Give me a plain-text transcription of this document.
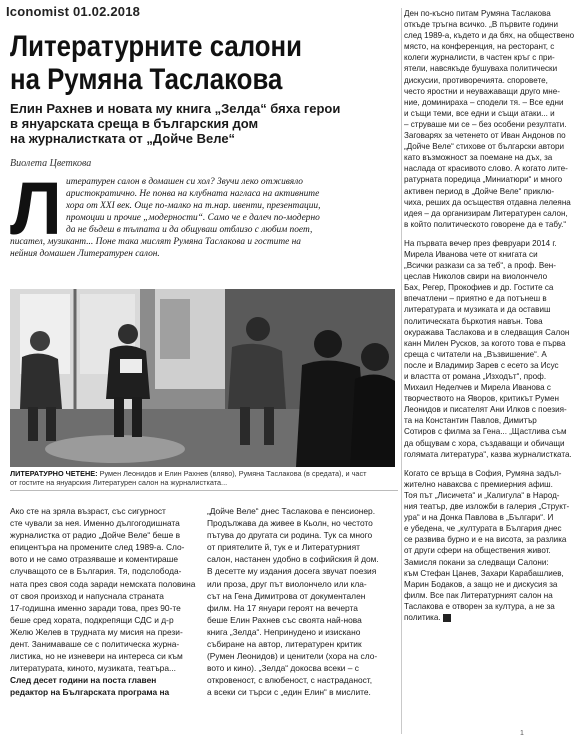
Icono​mist 01.02.2018
Литературните салони
на Румяна Таслакова
Елин Рахнев и новата му книга „Зелда“ бяха герои
в януарската среща в българския дом
на журналистката от „Дойче Веле“
Виолета Цветкова
Л итературен салон в домашен си хол? Звучи леко отживяло
аристократично. Не понва на клубната нагласа на активните
хора от XXI век. Още по-малко на т.нар. ивенти, презентации,
промоции и прочие „модерности“. Само че е далеч по-модерно
да не бъдеш в тълпата и да общуваш отблизо с любим поет,
писател, музикант... Поне така мислят Румяна Таслакова и гостите на
нейния домашен Литературен салон.
ЛИТЕРАТУРНО ЧЕТЕНЕ: Румен Леонидов и Елин Рахнев (вляво), Румяна Таслакова (в средата), и част
от гостите на януарския Литературен салон на журналистката...
Ако сте на зряла възраст, със сигурност
сте чували за нея. Именно дългогодишната
журналистка от радио „Дойче Веле“ беше в
епицентъра на промените след 1989-а. Сло-
вото и не само отразяваше и коментираше
случващото се в България. Тя, подслобода-
ната през своя сода заради немската половина
от своя произход и напуснала страната
17-годишна именно заради това, през 90-те
беше сред хората, подкрепящи СДС и д-р
Желю Желев в трудната му мисия на прези-
дент. Занимаваше се с политическа журна-
листика, но не изневери на интереса си към
литературата, киното, музиката, театъра...
След десет години на поста главен
редактор на Българската програма на
„Дойче Веле“ днес Таслакова е пенсионер.
Продължава да живее в Кьолн, но честото
пътува до другата си родина. Тук са много
от приятелите й, тук е и Литературният
салон, настанен удобно в софийския й дом.
В десетте му издания досега звучат поезия
или проза, друг път виолончело или кла-
сът на Гена Димитрова от документален
филм. На 17 януари героят на вечерта
беше Елин Рахнев със своята най-нова
книга „Зелда“. Непринудено и изискано
събиране на автор, литературен критик
(Румен Леонидов) и ценители (хора на сло-
вото и кино). „Зелда“ докосва всеки – с
откровеност, с влюбеност, с настраданост,
а всеки си търси с „един Елин“ в мислите.
Ден по-късно питам Румяна Таслакова
откъде тръгна всичко. „В първите години
след 1989-а, където и да бях, на обществено
място, на конференция, на ресторант, с
колеги журналисти, в частен кръг с при-
ятели, навсякъде бушуваха политически
дискусии, противоречията. споровете,
често яростни и неуважаващи друго мне-
ние, доминираха – сподели тя. – Все едни
и същи теми, все едни и същи атаки... и
– струваше ми се – без особени резултати.
Заговарях за четенето от Иван Андонов по
„Дойче Веле“ стихове от български автори
като възможност за поемане на дъх, за
наслада от красивото слово. А когато лите-
ратурната поредица „Миниатюри“ и много
активен период в „Дойче Веле“ приклю-
чиха, реших да осъществя отдавна лелеяна
идея – да организирам Литературен салон,
в който политическото говорене да е табу.“
На първата вечер през февруари 2014 г.
Мирела Иванова чете от книгата си
„Всички разкази са за теб“, а проф. Вен-
цеслав Николов свири на виолончело
Бах, Регер, Прокофиев и др. Гостите са
впечатлени – приятно е да потънеш в
литературата и музиката и да оставиш
политическата бъркотия навън. Това
окуражава Таслакова и в следващия Салон
канн Милен Русков, за когото това е първа
среща с читатели на „Възвишение“. А
после и Владимир Зарев с есето за Исус
и властта от романа „Изходът“, проф.
Михаил Неделчев и Мирела Иванова с
творчеството на Яворов, критикът Румен
Леонидов и писателят Ани Илков с поезия-
та на Константин Павлов, Димитър
Сотиров с филма за Гена... „Щастлива съм
да общувам с хора, създаващи и обичащи
голямата литература“, казва журналистката.
Когато се връща в София, Румяна задъл-
жително наваксва с премиерния афиш.
Тоя път „Лисичета“ и „Калигула“ в Народ-
ния театър, две изложби в галерия „Структ-
ура“ и на Донка Павлова в „Българи“. И
е убедена, че „културата в България днес
се развива бурно и е на висота, за разлика
от други сфери на обществения живот.
Замисля покани за следващи Салони:
към Стефан Цанев, Захари Карабашлиев,
Марин Бодаков, а защо не и дискусия за
филм. Все пак Литературният салон на
Таслакова е отворен за култура, а не за
политика.
1
